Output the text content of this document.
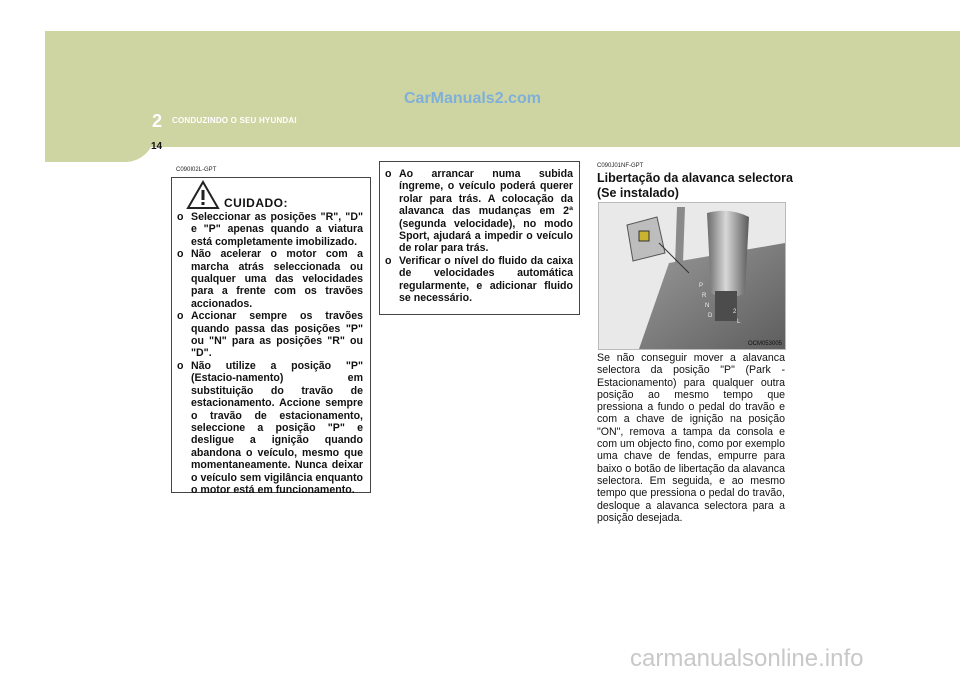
CarManuals2.com
2 CONDUZINDO O SEU HYUNDAI
14
C090I02L-GPT
CUIDADO:
o Seleccionar as posições "R", "D" e "P" apenas quando a viatura está completamente imobilizado.
o Não acelerar o motor com a marcha atrás seleccionada ou qualquer uma das velocidades para a frente com os travões accionados.
o Accionar sempre os travões quando passa das posições "P" ou "N" para as posições "R" ou "D".
o Não utilize a posição "P" (Estacio-namento) em substituição do travão de estacionamento. Accione sempre o travão de estacionamento, seleccione a posição "P" e desligue a ignição quando abandona o veículo, mesmo que momentaneamente. Nunca deixar o veículo sem vigilância enquanto o motor está em funcionamento.
o Ao arrancar numa subida íngreme, o veículo poderá querer rolar para trás. A colocação da alavanca das mudanças em 2ª (segunda velocidade), no modo Sport, ajudará a impedir o veículo de rolar para trás.
o Verificar o nível do fluido da caixa de velocidades automática regularmente, e adicionar fluido se necessário.
C090J01NF-GPT
Libertação da alavanca selectora
(Se instalado)
P
R
N
D
2
L
OCM053005
Se não conseguir mover a alavanca selectora da posição "P" (Park - Estacionamento) para qualquer outra posição ao mesmo tempo que pressiona a fundo o pedal do travão e com a chave de ignição na posição "ON", remova a tampa da consola e com um objecto fino, como por exemplo uma chave de fendas, empurre para baixo o botão de libertação da alavanca selectora. Em seguida, e ao mesmo tempo que pressiona o pedal do travão, desloque a alavanca selectora para a posição desejada.
carmanualsonline.info
